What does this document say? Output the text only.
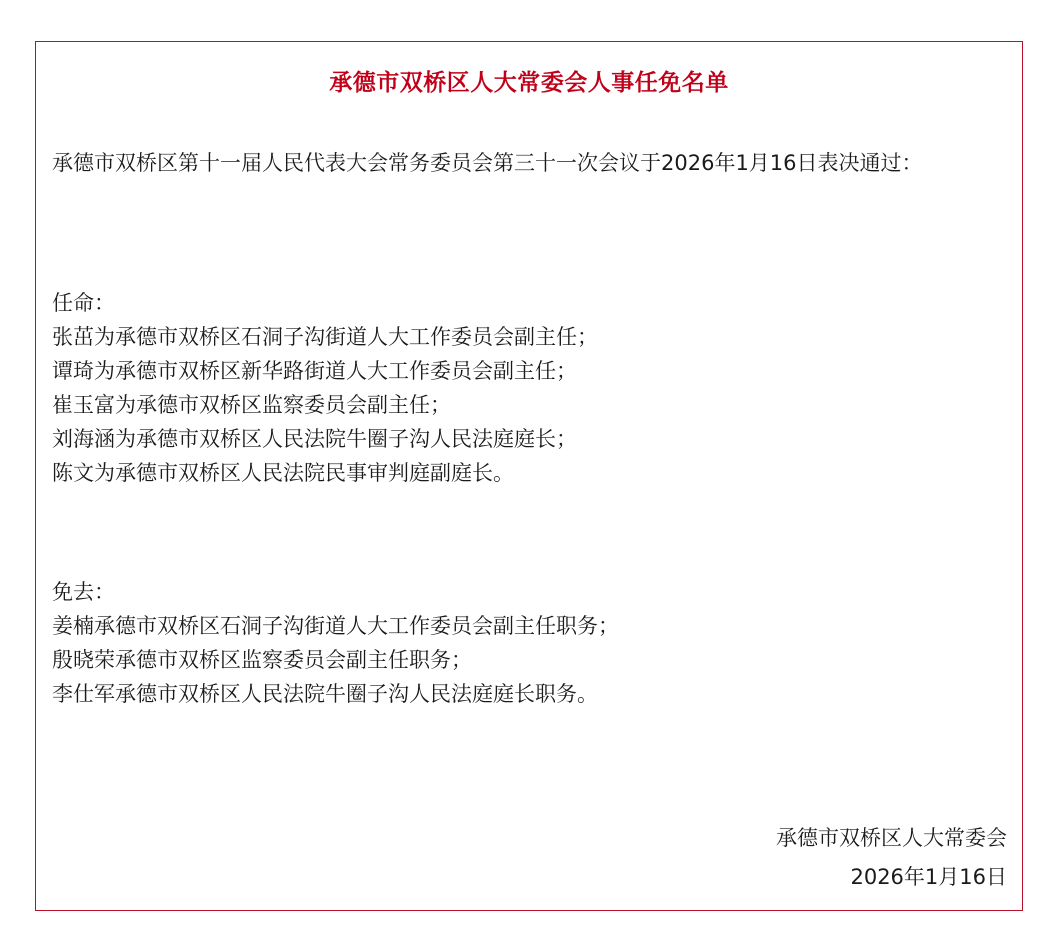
承德市双桥区人大常委会人事任免名单
承德市双桥区第十一届人民代表大会常务委员会第三十一次会议于2026年1月16日表决通过：
任命：
张茁为承德市双桥区石洞子沟街道人大工作委员会副主任；
谭琦为承德市双桥区新华路街道人大工作委员会副主任；
崔玉富为承德市双桥区监察委员会副主任；
刘海涵为承德市双桥区人民法院牛圈子沟人民法庭庭长；
陈文为承德市双桥区人民法院民事审判庭副庭长。
免去：
姜楠承德市双桥区石洞子沟街道人大工作委员会副主任职务；
殷晓荣承德市双桥区监察委员会副主任职务；
李仕军承德市双桥区人民法院牛圈子沟人民法庭庭长职务。
承德市双桥区人大常委会
2026年1月16日
